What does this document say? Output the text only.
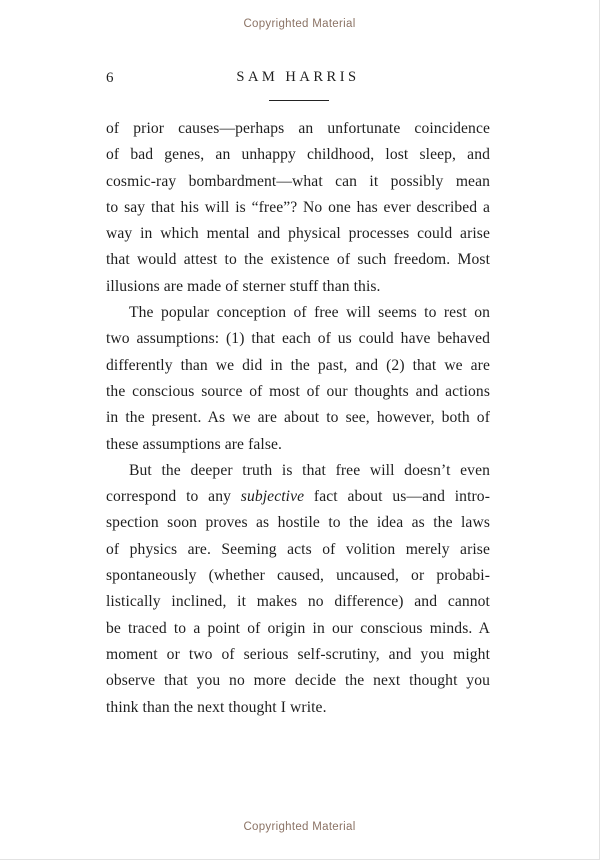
Copyrighted Material
6	SAM HARRIS
of prior causes—perhaps an unfortunate coincidence
of bad genes, an unhappy childhood, lost sleep, and
cosmic-ray bombardment—what can it possibly mean
to say that his will is “free”? No one has ever described a
way in which mental and physical processes could arise
that would attest to the existence of such freedom. Most
illusions are made of sterner stuff than this.
The popular conception of free will seems to rest on
two assumptions: (1) that each of us could have behaved
differently than we did in the past, and (2) that we are
the conscious source of most of our thoughts and actions
in the present. As we are about to see, however, both of
these assumptions are false.
But the deeper truth is that free will doesn’t even
correspond to any subjective fact about us—and intro-
spection soon proves as hostile to the idea as the laws
of physics are. Seeming acts of volition merely arise
spontaneously (whether caused, uncaused, or probabi-
listically inclined, it makes no difference) and cannot
be traced to a point of origin in our conscious minds. A
moment or two of serious self-scrutiny, and you might
observe that you no more decide the next thought you
think than the next thought I write.
Copyrighted Material
